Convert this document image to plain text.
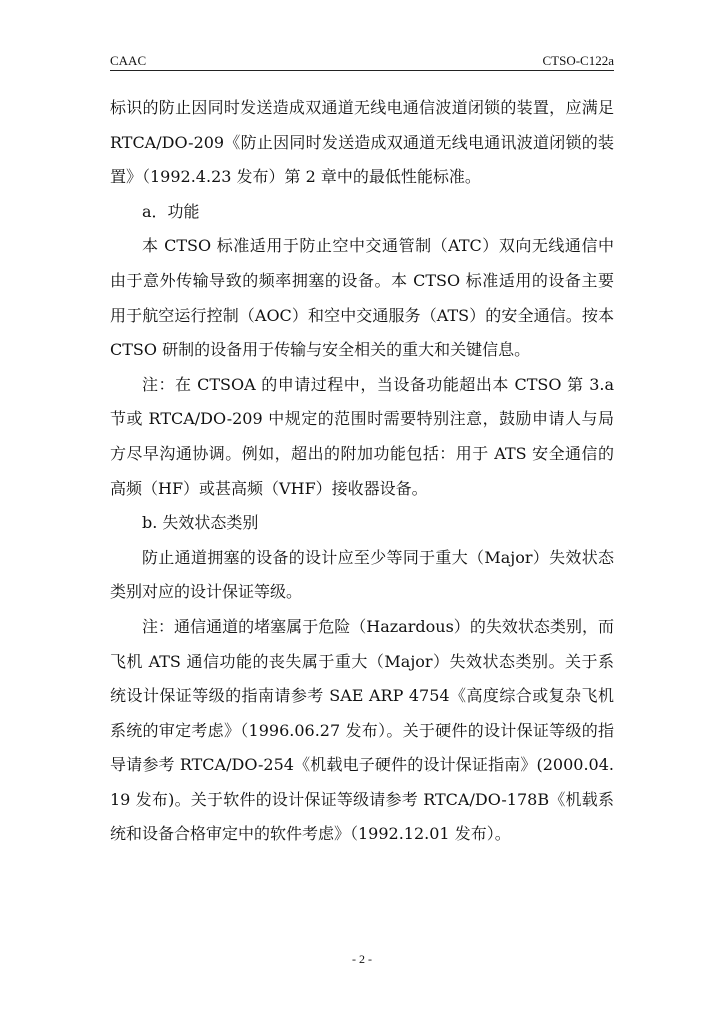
CAAC	CTSO-C122a

标识的防止因同时发送造成双通道无线电通信波道闭锁的装置，应满足 RTCA/DO-209《防止因同时发送造成双通道无线电通讯波道闭锁的装置》（1992.4.23 发布）第 2 章中的最低性能标准。

a．功能

本 CTSO 标准适用于防止空中交通管制（ATC）双向无线通信中由于意外传输导致的频率拥塞的设备。本 CTSO 标准适用的设备主要用于航空运行控制（AOC）和空中交通服务（ATS）的安全通信。按本 CTSO 研制的设备用于传输与安全相关的重大和关键信息。

注：在 CTSOA 的申请过程中，当设备功能超出本 CTSO 第 3.a 节或 RTCA/DO-209 中规定的范围时需要特别注意，鼓励申请人与局方尽早沟通协调。例如，超出的附加功能包括：用于 ATS 安全通信的高频（HF）或甚高频（VHF）接收器设备。

b. 失效状态类别

防止通道拥塞的设备的设计应至少等同于重大（Major）失效状态类别对应的设计保证等级。

注：通信通道的堵塞属于危险（Hazardous）的失效状态类别，而飞机 ATS 通信功能的丧失属于重大（Major）失效状态类别。关于系统设计保证等级的指南请参考 SAE ARP 4754《高度综合或复杂飞机系统的审定考虑》（1996.06.27 发布）。关于硬件的设计保证等级的指导请参考 RTCA/DO-254《机载电子硬件的设计保证指南》(2000.04.19 发布)。关于软件的设计保证等级请参考 RTCA/DO-178B《机载系统和设备合格审定中的软件考虑》（1992.12.01 发布）。

- 2 -
